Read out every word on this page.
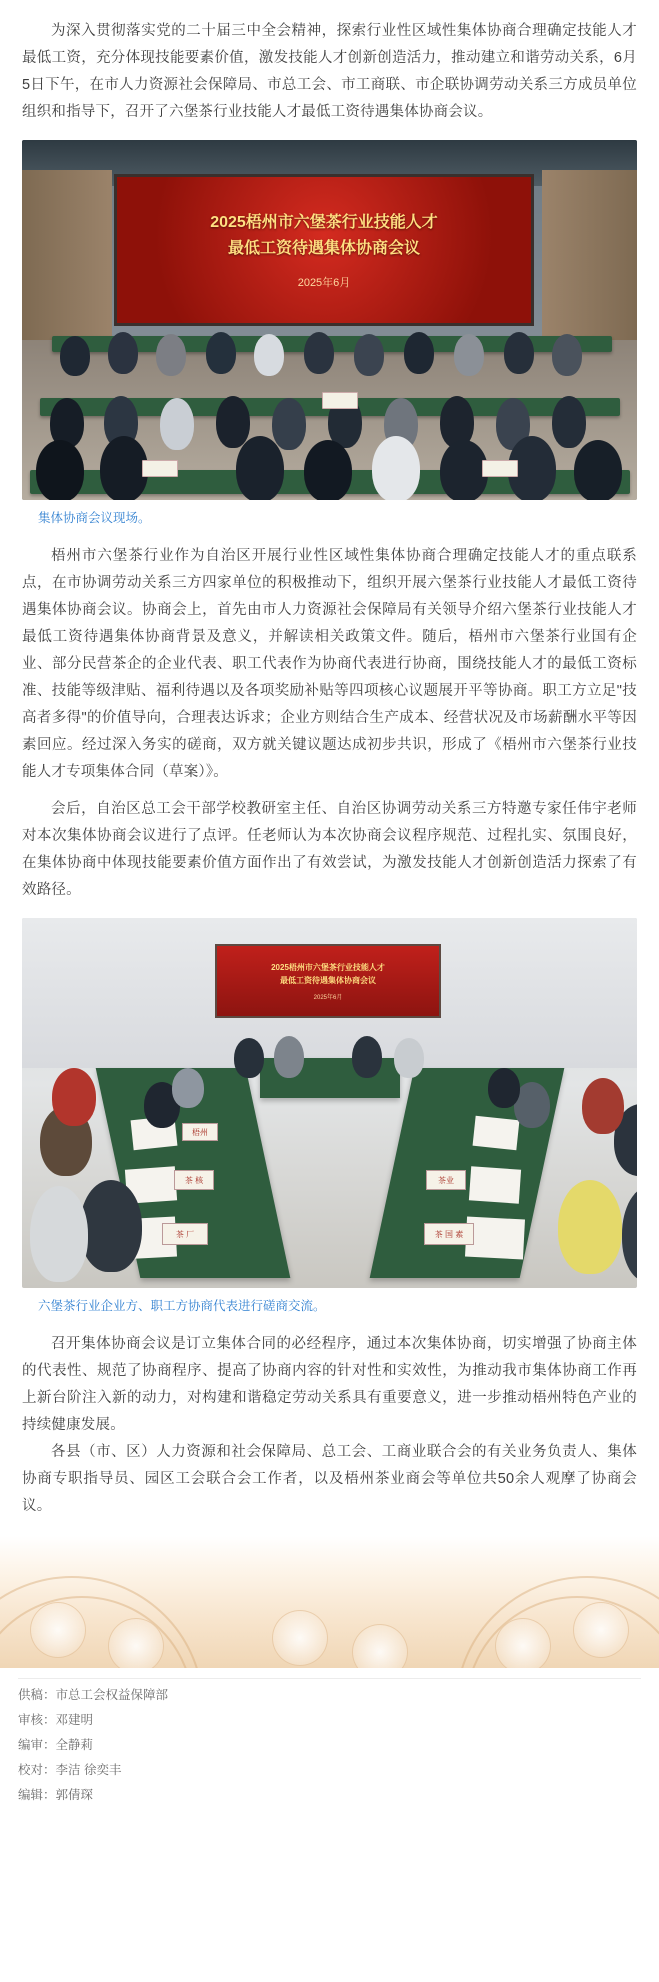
为深入贯彻落实党的二十届三中全会精神，探索行业性区域性集体协商合理确定技能人才最低工资，充分体现技能要素价值，激发技能人才创新创造活力，推动建立和谐劳动关系，6月5日下午，在市人力资源社会保障局、市总工会、市工商联、市企联协调劳动关系三方成员单位组织和指导下，召开了六堡茶行业技能人才最低工资待遇集体协商会议。

2025梧州市六堡茶行业技能人才
最低工资待遇集体协商会议
2025年6月
集体协商会议现场。

梧州市六堡茶行业作为自治区开展行业性区域性集体协商合理确定技能人才的重点联系点，在市协调劳动关系三方四家单位的积极推动下，组织开展六堡茶行业技能人才最低工资待遇集体协商会议。协商会上，首先由市人力资源社会保障局有关领导介绍六堡茶行业技能人才最低工资待遇集体协商背景及意义，并解读相关政策文件。随后，梧州市六堡茶行业国有企业、部分民营茶企的企业代表、职工代表作为协商代表进行协商，围绕技能人才的最低工资标准、技能等级津贴、福利待遇以及各项奖励补贴等四项核心议题展开平等协商。职工方立足"技高者多得"的价值导向，合理表达诉求；企业方则结合生产成本、经营状况及市场薪酬水平等因素回应。经过深入务实的磋商，双方就关键议题达成初步共识，形成了《梧州市六堡茶行业技能人才专项集体合同（草案）》。

会后，自治区总工会干部学校教研室主任、自治区协调劳动关系三方特邀专家任伟宇老师对本次集体协商会议进行了点评。任老师认为本次协商会议程序规范、过程扎实、氛围良好，在集体协商中体现技能要素价值方面作出了有效尝试，为激发技能人才创新创造活力探索了有效路径。

2025梧州市六堡茶行业技能人才
最低工资待遇集体协商会议
2025年6月
梧州
茶 核
茶 厂
茶业
茶 国 素
六堡茶行业企业方、职工方协商代表进行磋商交流。

召开集体协商会议是订立集体合同的必经程序，通过本次集体协商，切实增强了协商主体的代表性、规范了协商程序、提高了协商内容的针对性和实效性，为推动我市集体协商工作再上新台阶注入新的动力，对构建和谐稳定劳动关系具有重要意义，进一步推动梧州特色产业的持续健康发展。

各县（市、区）人力资源和社会保障局、总工会、工商业联合会的有关业务负责人、集体协商专职指导员、园区工会联合会工作者，以及梧州茶业商会等单位共50余人观摩了协商会议。

供稿：市总工会权益保障部
审核：邓建明
编审：全静莉
校对：李洁 徐奕丰
编辑：郭倩琛
